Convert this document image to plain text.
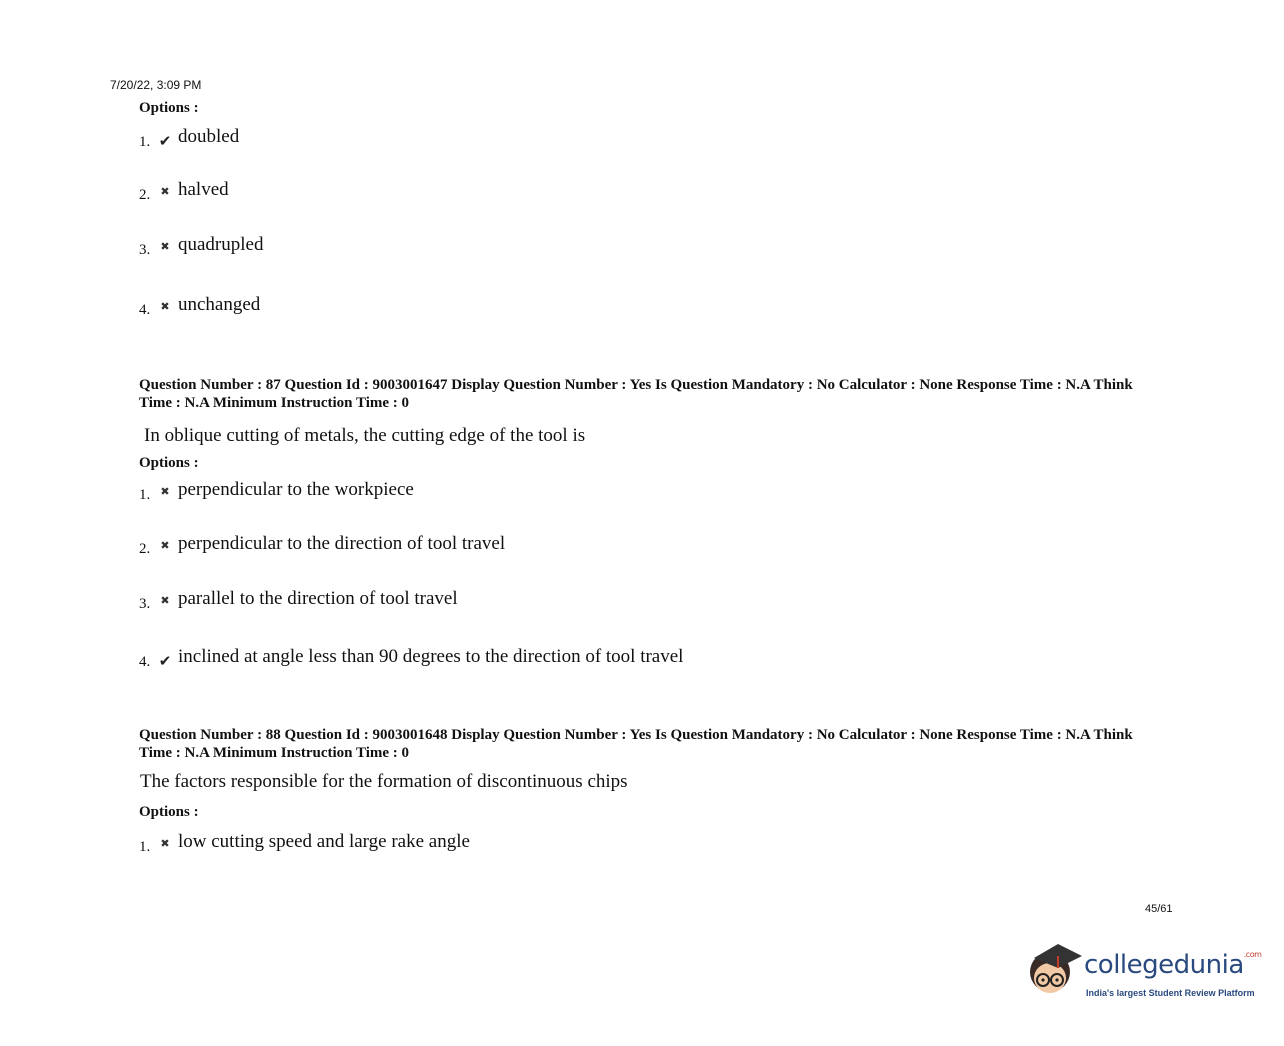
7/20/22, 3:09 PM
Options :
1. ✔ doubled
2. ✖ halved
3. ✖ quadrupled
4. ✖ unchanged
Question Number : 87 Question Id : 9003001647 Display Question Number : Yes Is Question Mandatory : No Calculator : None Response Time : N.A Think Time : N.A Minimum Instruction Time : 0
In oblique cutting of metals, the cutting edge of the tool is
Options :
1. ✖ perpendicular to the workpiece
2. ✖ perpendicular to the direction of tool travel
3. ✖ parallel to the direction of tool travel
4. ✔ inclined at angle less than 90 degrees to the direction of tool travel
Question Number : 88 Question Id : 9003001648 Display Question Number : Yes Is Question Mandatory : No Calculator : None Response Time : N.A Think Time : N.A Minimum Instruction Time : 0
The factors responsible for the formation of discontinuous chips
Options :
1. ✖ low cutting speed and large rake angle
45/61
collegedunia$^{.com}$
India's largest Student Review Platform
